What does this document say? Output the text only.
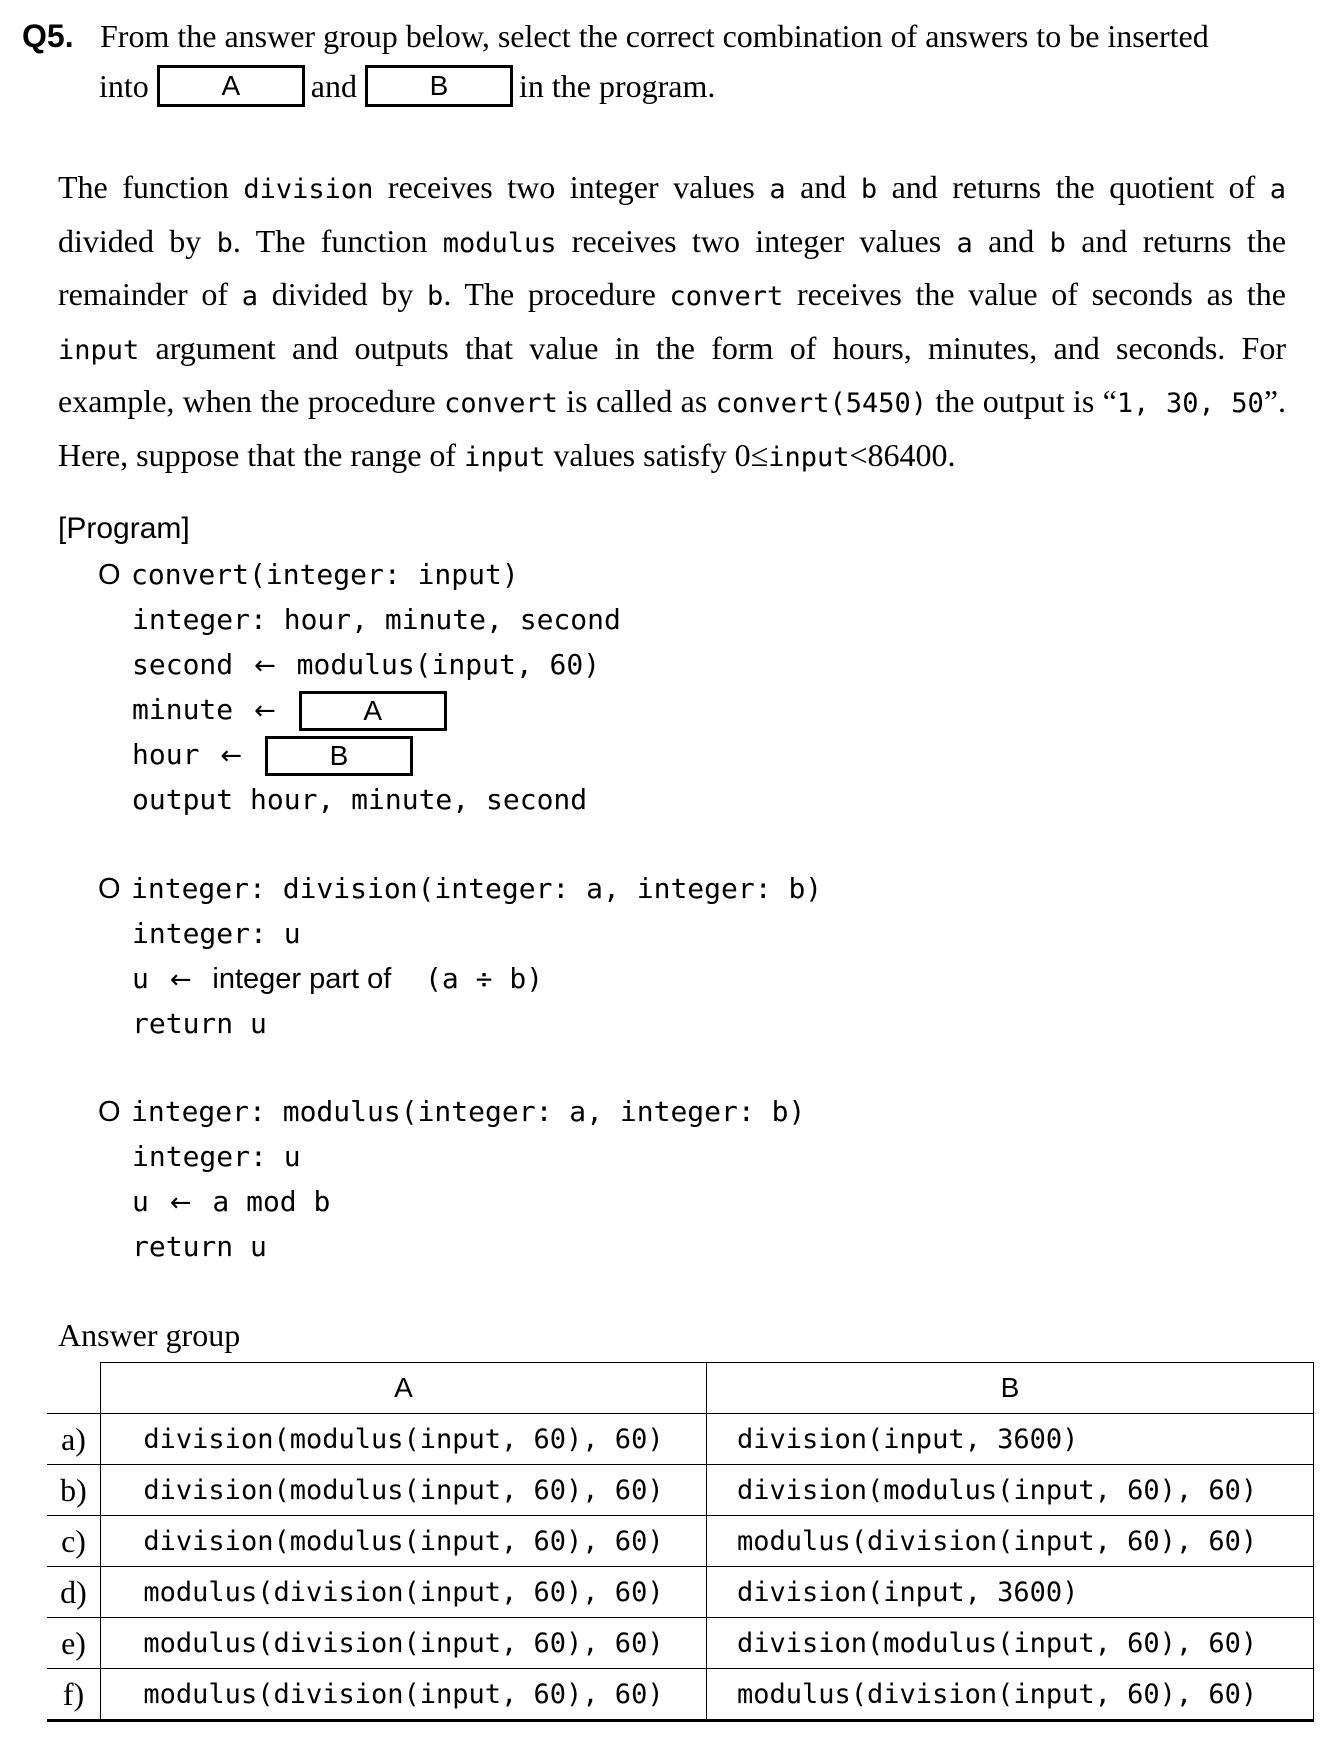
Q5. From the answer group below, select the correct combination of answers to be inserted
into	A and	B in the program.
The function division receives two integer values a and b and returns the quotient of a divided by b. The function modulus receives two integer values a and b and returns the remainder of a divided by b. The procedure convert receives the value of seconds as the input argument and outputs that value in the form of hours, minutes, and seconds. For example, when the procedure convert is called as convert(5450) the output is “1, 30, 50”. Here, suppose that the range of input values satisfy 0≤input<86400.
[Program]
O convert(integer: input)
integer: hour, minute, second
second ← modulus(input, 60)
minute ←	A
hour ←	B
output hour, minute, second
O integer: division(integer: a, integer: b)
integer: u
u ← integer part of (a ÷ b)
return u
O integer: modulus(integer: a, integer: b)
integer: u
u ← a mod b
return u
Answer group
	A	B
a)	division(modulus(input, 60), 60)	division(input, 3600)
b)	division(modulus(input, 60), 60)	division(modulus(input, 60), 60)
c)	division(modulus(input, 60), 60)	modulus(division(input, 60), 60)
d)	modulus(division(input, 60), 60)	division(input, 3600)
e)	modulus(division(input, 60), 60)	division(modulus(input, 60), 60)
f)	modulus(division(input, 60), 60)	modulus(division(input, 60), 60)
